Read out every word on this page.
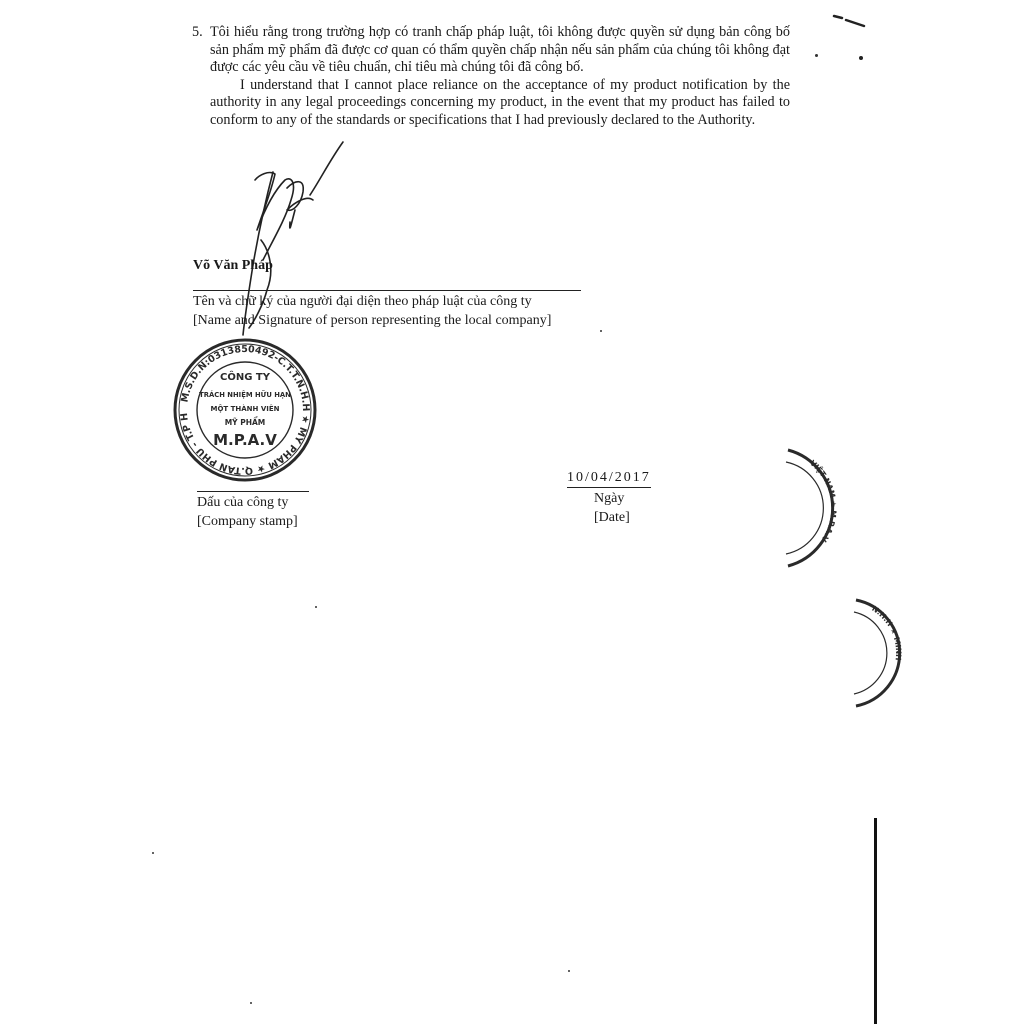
5. Tôi hiểu rằng trong trường hợp có tranh chấp pháp luật, tôi không được quyền sử dụng bản công bố sản phẩm mỹ phẩm đã được cơ quan có thẩm quyền chấp nhận nếu sản phẩm của chúng tôi không đạt được các yêu cầu về tiêu chuẩn, chỉ tiêu mà chúng tôi đã công bố.
I understand that I cannot place reliance on the acceptance of my product notification by the authority in any legal proceedings concerning my product, in the event that my product has failed to conform to any of the standards or specifications that I had previously declared to the Authority.
Võ Văn Pháp
Tên và chữ ký của người đại diện theo pháp luật của công ty
[Name and Signature of person representing the local company]
M.S.D.N:0313850492-C.T.T.N.H.H ★ MY PHAM ★ Q.TAN PHU - T.P HO CHI MINH ★
CÔNG TY
TRÁCH NHIỆM HỮU HẠN
MỘT THÀNH VIÊN
MỸ PHẨM
M.P.A.V
Dấu của công ty
[Company stamp]
10/04/2017
Ngày
[Date]
VIỆT NAM ★ M.P.A.V
N.H.H ★ MINH
